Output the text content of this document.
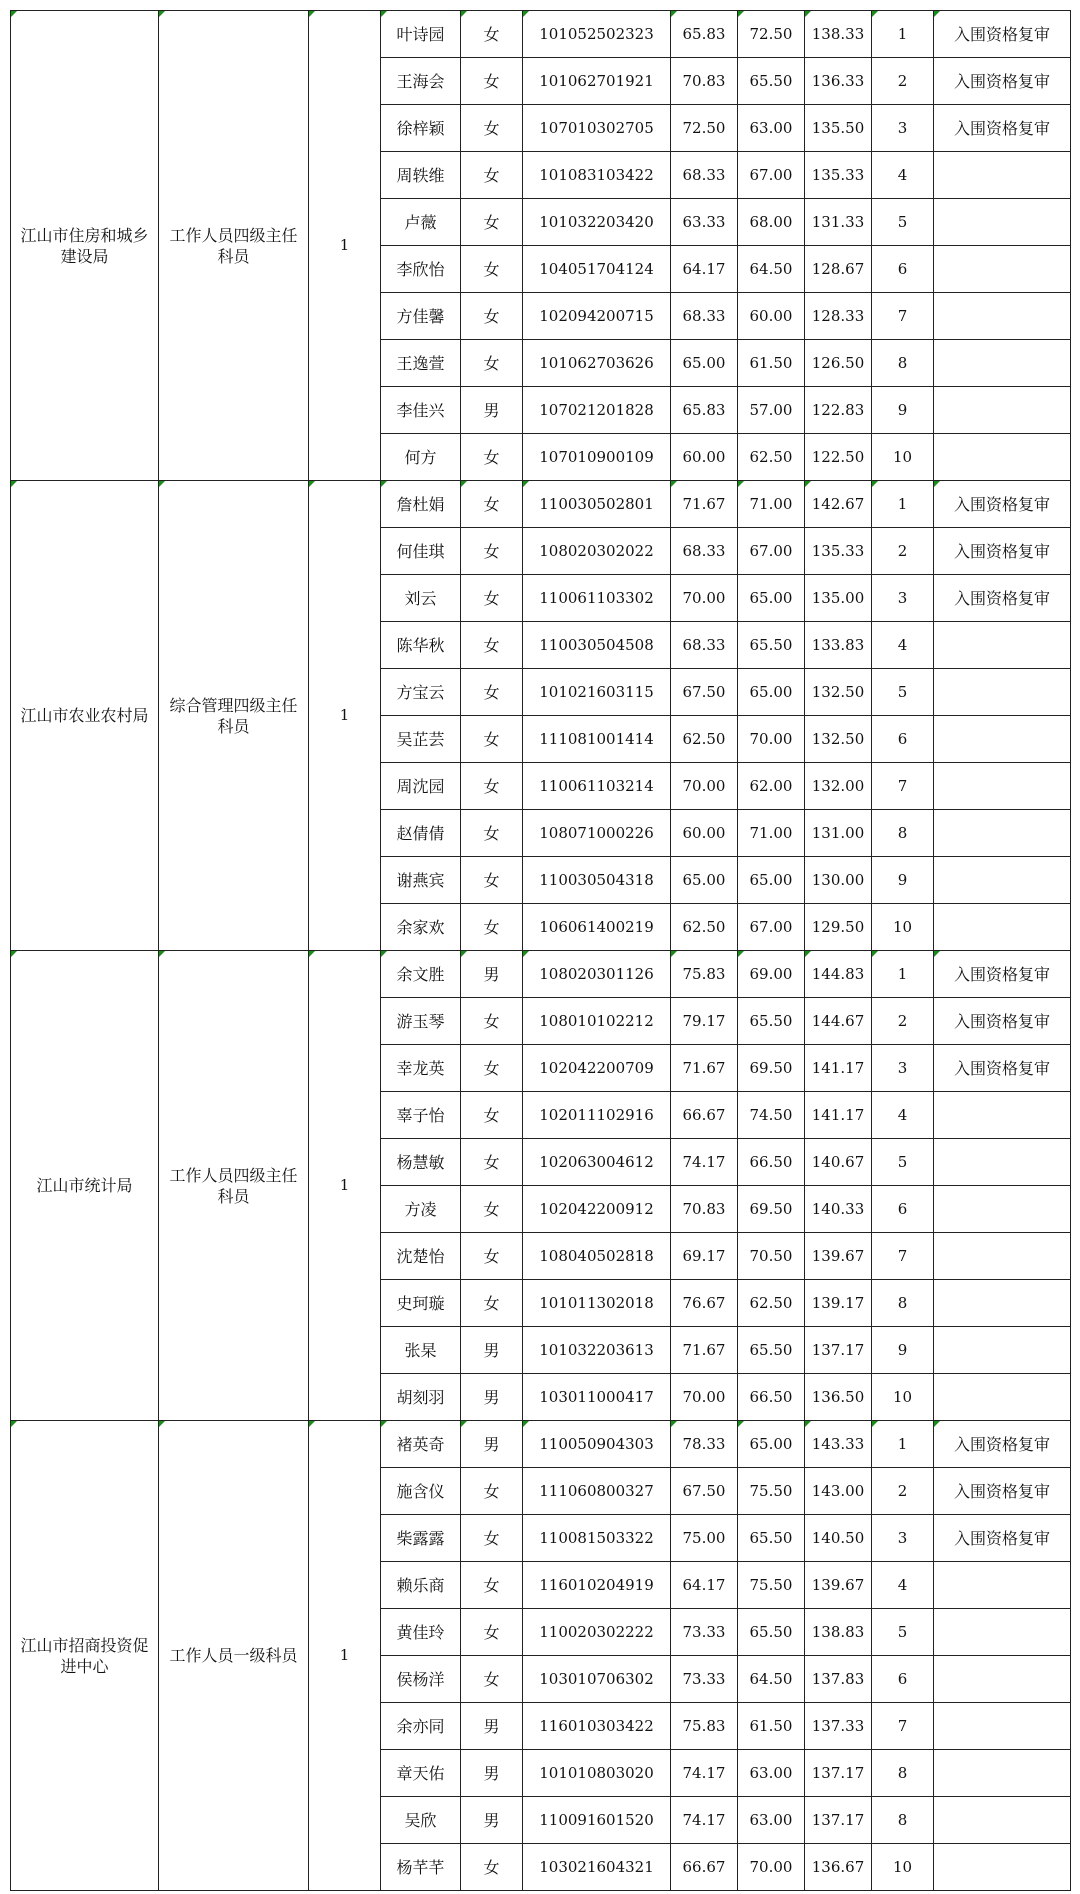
江山市住房和城乡建设局	工作人员四级主任科员	1	叶诗园	女	101052502323	65.83	72.50	138.33	1	入围资格复审
			王海会	女	101062701921	70.83	65.50	136.33	2	入围资格复审
			徐梓颖	女	107010302705	72.50	63.00	135.50	3	入围资格复审
			周轶维	女	101083103422	68.33	67.00	135.33	4	
			卢薇	女	101032203420	63.33	68.00	131.33	5	
			李欣怡	女	104051704124	64.17	64.50	128.67	6	
			方佳馨	女	102094200715	68.33	60.00	128.33	7	
			王逸萱	女	101062703626	65.00	61.50	126.50	8	
			李佳兴	男	107021201828	65.83	57.00	122.83	9	
			何方	女	107010900109	60.00	62.50	122.50	10	
江山市农业农村局	综合管理四级主任科员	1	詹杜娟	女	110030502801	71.67	71.00	142.67	1	入围资格复审
			何佳琪	女	108020302022	68.33	67.00	135.33	2	入围资格复审
			刘云	女	110061103302	70.00	65.00	135.00	3	入围资格复审
			陈华秋	女	110030504508	68.33	65.50	133.83	4	
			方宝云	女	101021603115	67.50	65.00	132.50	5	
			吴芷芸	女	111081001414	62.50	70.00	132.50	6	
			周沈园	女	110061103214	70.00	62.00	132.00	7	
			赵倩倩	女	108071000226	60.00	71.00	131.00	8	
			谢燕宾	女	110030504318	65.00	65.00	130.00	9	
			余家欢	女	106061400219	62.50	67.00	129.50	10	
江山市统计局	工作人员四级主任科员	1	余文胜	男	108020301126	75.83	69.00	144.83	1	入围资格复审
			游玉琴	女	108010102212	79.17	65.50	144.67	2	入围资格复审
			幸龙英	女	102042200709	71.67	69.50	141.17	3	入围资格复审
			辜子怡	女	102011102916	66.67	74.50	141.17	4	
			杨慧敏	女	102063004612	74.17	66.50	140.67	5	
			方凌	女	102042200912	70.83	69.50	140.33	6	
			沈楚怡	女	108040502818	69.17	70.50	139.67	7	
			史珂璇	女	101011302018	76.67	62.50	139.17	8	
			张杲	男	101032203613	71.67	65.50	137.17	9	
			胡刻羽	男	103011000417	70.00	66.50	136.50	10	
江山市招商投资促进中心	工作人员一级科员	1	褚英奇	男	110050904303	78.33	65.00	143.33	1	入围资格复审
			施含仪	女	111060800327	67.50	75.50	143.00	2	入围资格复审
			柴露露	女	110081503322	75.00	65.50	140.50	3	入围资格复审
			赖乐商	女	116010204919	64.17	75.50	139.67	4	
			黄佳玲	女	110020302222	73.33	65.50	138.83	5	
			侯杨洋	女	103010706302	73.33	64.50	137.83	6	
			余亦同	男	116010303422	75.83	61.50	137.33	7	
			章天佑	男	101010803020	74.17	63.00	137.17	8	
			吴欣	男	110091601520	74.17	63.00	137.17	8	
			杨芊芊	女	103021604321	66.67	70.00	136.67	10	
